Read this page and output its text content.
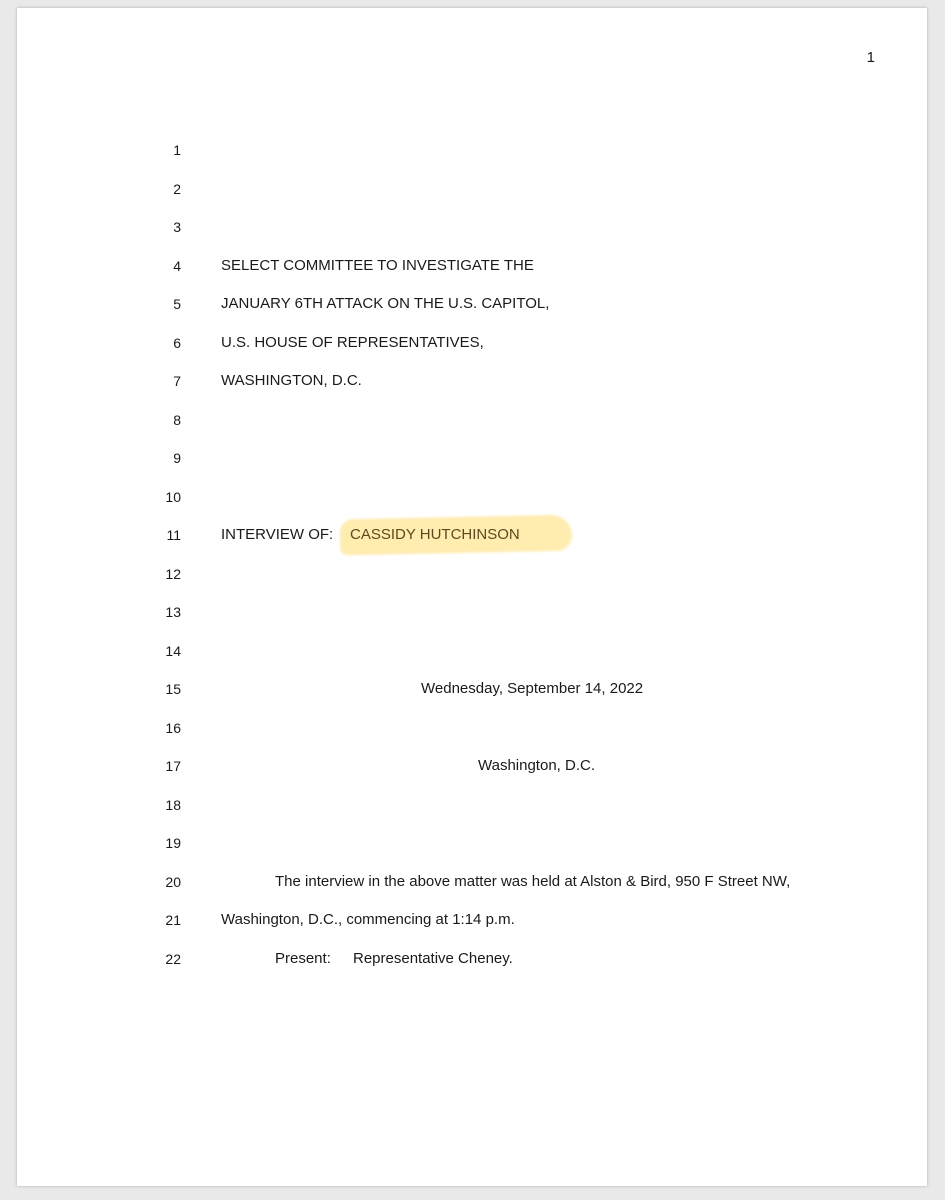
1
1
2
3
4	SELECT COMMITTEE TO INVESTIGATE THE
5	JANUARY 6TH ATTACK ON THE U.S. CAPITOL,
6	U.S. HOUSE OF REPRESENTATIVES,
7	WASHINGTON, D.C.
8
9
10
11	INTERVIEW OF: CASSIDY HUTCHINSON
12
13
14
15	Wednesday, September 14, 2022
16
17	Washington, D.C.
18
19
20	The interview in the above matter was held at Alston & Bird, 950 F Street NW,
21	Washington, D.C., commencing at 1:14 p.m.
22	Present: Representative Cheney.
